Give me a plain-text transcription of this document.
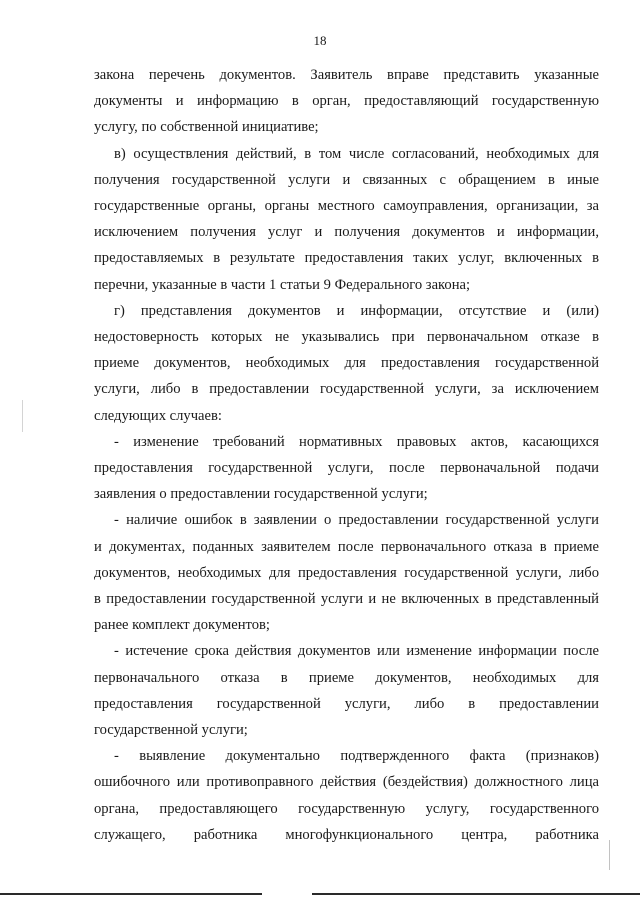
18
закона перечень документов. Заявитель вправе представить указанные
документы и информацию в орган, предоставляющий государственную
услугу, по собственной инициативе;
в) осуществления действий, в том числе согласований, необходимых для
получения государственной услуги и связанных с обращением в иные
государственные органы, органы местного самоуправления, организации, за
исключением получения услуг и получения документов и информации,
предоставляемых в результате предоставления таких услуг, включенных в
перечни, указанные в части 1 статьи 9 Федерального закона;
г) представления документов и информации, отсутствие и (или)
недостоверность которых не указывались при первоначальном отказе в
приеме документов, необходимых для предоставления государственной
услуги, либо в предоставлении государственной услуги, за исключением
следующих случаев:
- изменение требований нормативных правовых актов, касающихся
предоставления государственной услуги, после первоначальной подачи
заявления о предоставлении государственной услуги;
- наличие ошибок в заявлении о предоставлении государственной услуги
и документах, поданных заявителем после первоначального отказа в приеме
документов, необходимых для предоставления государственной услуги, либо
в предоставлении государственной услуги и не включенных в представленный
ранее комплект документов;
- истечение срока действия документов или изменение информации после
первоначального отказа в приеме документов, необходимых для
предоставления государственной услуги, либо в предоставлении
государственной услуги;
- выявление документально подтвержденного факта (признаков)
ошибочного или противоправного действия (бездействия) должностного лица
органа, предоставляющего государственную услугу, государственного
служащего, работника многофункционального центра, работника
